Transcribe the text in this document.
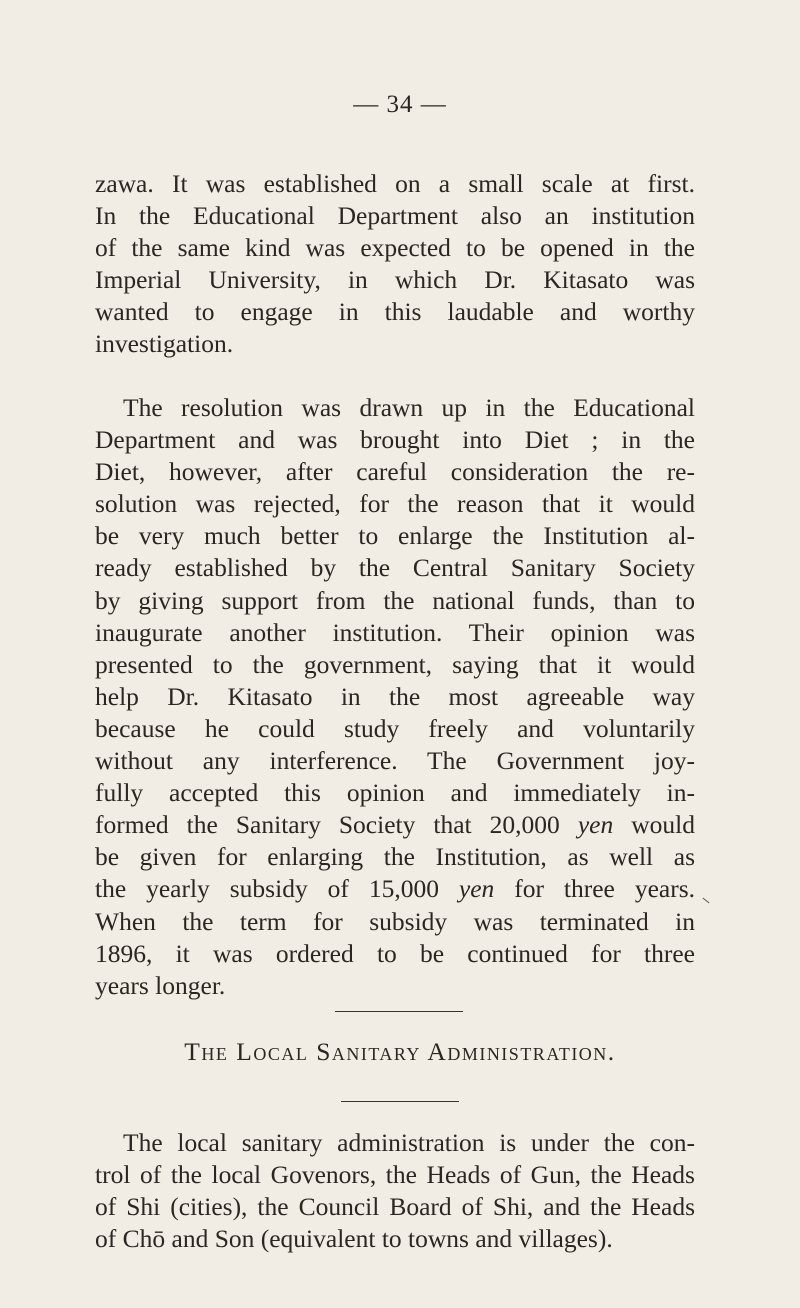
— 34 —

zawa. It was established on a small scale at first.
In the Educational Department also an institution
of the same kind was expected to be opened in the
Imperial University, in which Dr. Kitasato was
wanted to engage in this laudable and worthy
investigation.

The resolution was drawn up in the Educational
Department and was brought into Diet ; in the
Diet, however, after careful consideration the re-
solution was rejected, for the reason that it would
be very much better to enlarge the Institution al-
ready established by the Central Sanitary Society
by giving support from the national funds, than to
inaugurate another institution. Their opinion was
presented to the government, saying that it would
help Dr. Kitasato in the most agreeable way
because he could study freely and voluntarily
without any interference. The Government joy-
fully accepted this opinion and immediately in-
formed the Sanitary Society that 20,000 yen would
be given for enlarging the Institution, as well as
the yearly subsidy of 15,000 yen for three years.
When the term for subsidy was terminated in
1896, it was ordered to be continued for three
years longer.

The Local Sanitary Administration.

The local sanitary administration is under the con-
trol of the local Govenors, the Heads of Gun, the Heads
of Shi (cities), the Council Board of Shi, and the Heads
of Chō and Son (equivalent to towns and villages).
